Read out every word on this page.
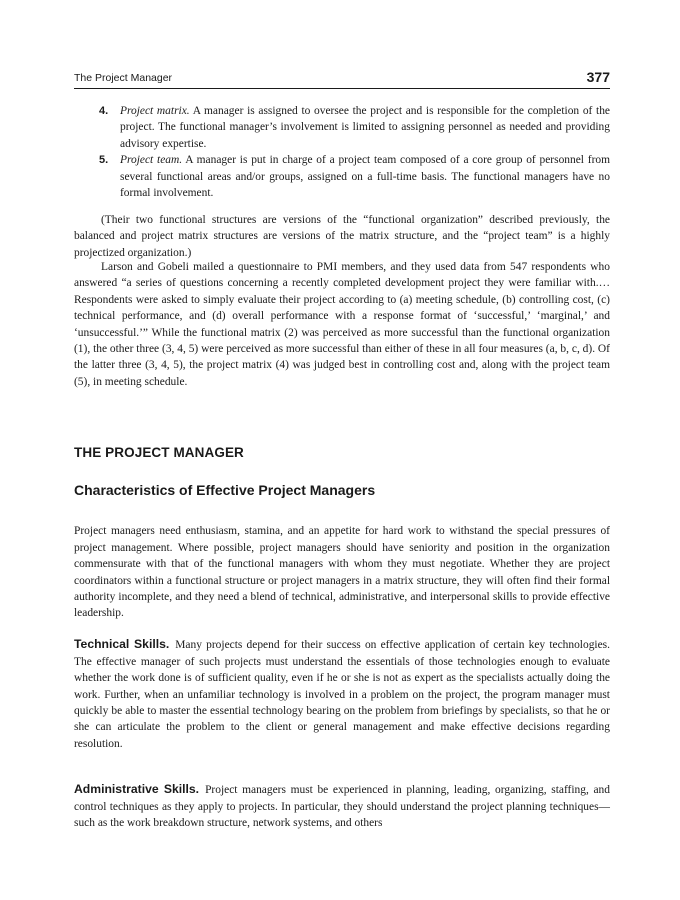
The Project Manager	377
4. Project matrix. A manager is assigned to oversee the project and is responsible for the completion of the project. The functional manager’s involvement is limited to assigning personnel as needed and providing advisory expertise.
5. Project team. A manager is put in charge of a project team composed of a core group of personnel from several functional areas and/or groups, assigned on a full-time basis. The functional managers have no formal involvement.

(Their two functional structures are versions of the “functional organization” described previously, the balanced and project matrix structures are versions of the matrix structure, and the “project team” is a highly projectized organization.)

Larson and Gobeli mailed a questionnaire to PMI members, and they used data from 547 respondents who answered “a series of questions concerning a recently completed development project they were familiar with.… Respondents were asked to simply evaluate their project according to (a) meeting schedule, (b) controlling cost, (c) technical performance, and (d) overall performance with a response format of ‘successful,’ ‘marginal,’ and ‘unsuccessful.’” While the functional matrix (2) was perceived as more successful than the functional organization (1), the other three (3, 4, 5) were perceived as more successful than either of these in all four measures (a, b, c, d). Of the latter three (3, 4, 5), the project matrix (4) was judged best in controlling cost and, along with the project team (5), in meeting schedule.

THE PROJECT MANAGER
Characteristics of Effective Project Managers

Project managers need enthusiasm, stamina, and an appetite for hard work to withstand the special pressures of project management. Where possible, project managers should have seniority and position in the organization commensurate with that of the functional managers with whom they must negotiate. Whether they are project coordinators within a functional structure or project managers in a matrix structure, they will often find their formal authority incomplete, and they need a blend of technical, administrative, and interpersonal skills to provide effective leadership.

Technical Skills. Many projects depend for their success on effective application of certain key technologies. The effective manager of such projects must understand the essentials of those technologies enough to evaluate whether the work done is of sufficient quality, even if he or she is not as expert as the specialists actually doing the work. Further, when an unfamiliar technology is involved in a problem on the project, the program manager must quickly be able to master the essential technology bearing on the problem from briefings by specialists, so that he or she can articulate the problem to the client or general management and make effective decisions regarding resolution.

Administrative Skills. Project managers must be experienced in planning, leading, organizing, staffing, and control techniques as they apply to projects. In particular, they should understand the project planning techniques—such as the work breakdown structure, network systems, and others
